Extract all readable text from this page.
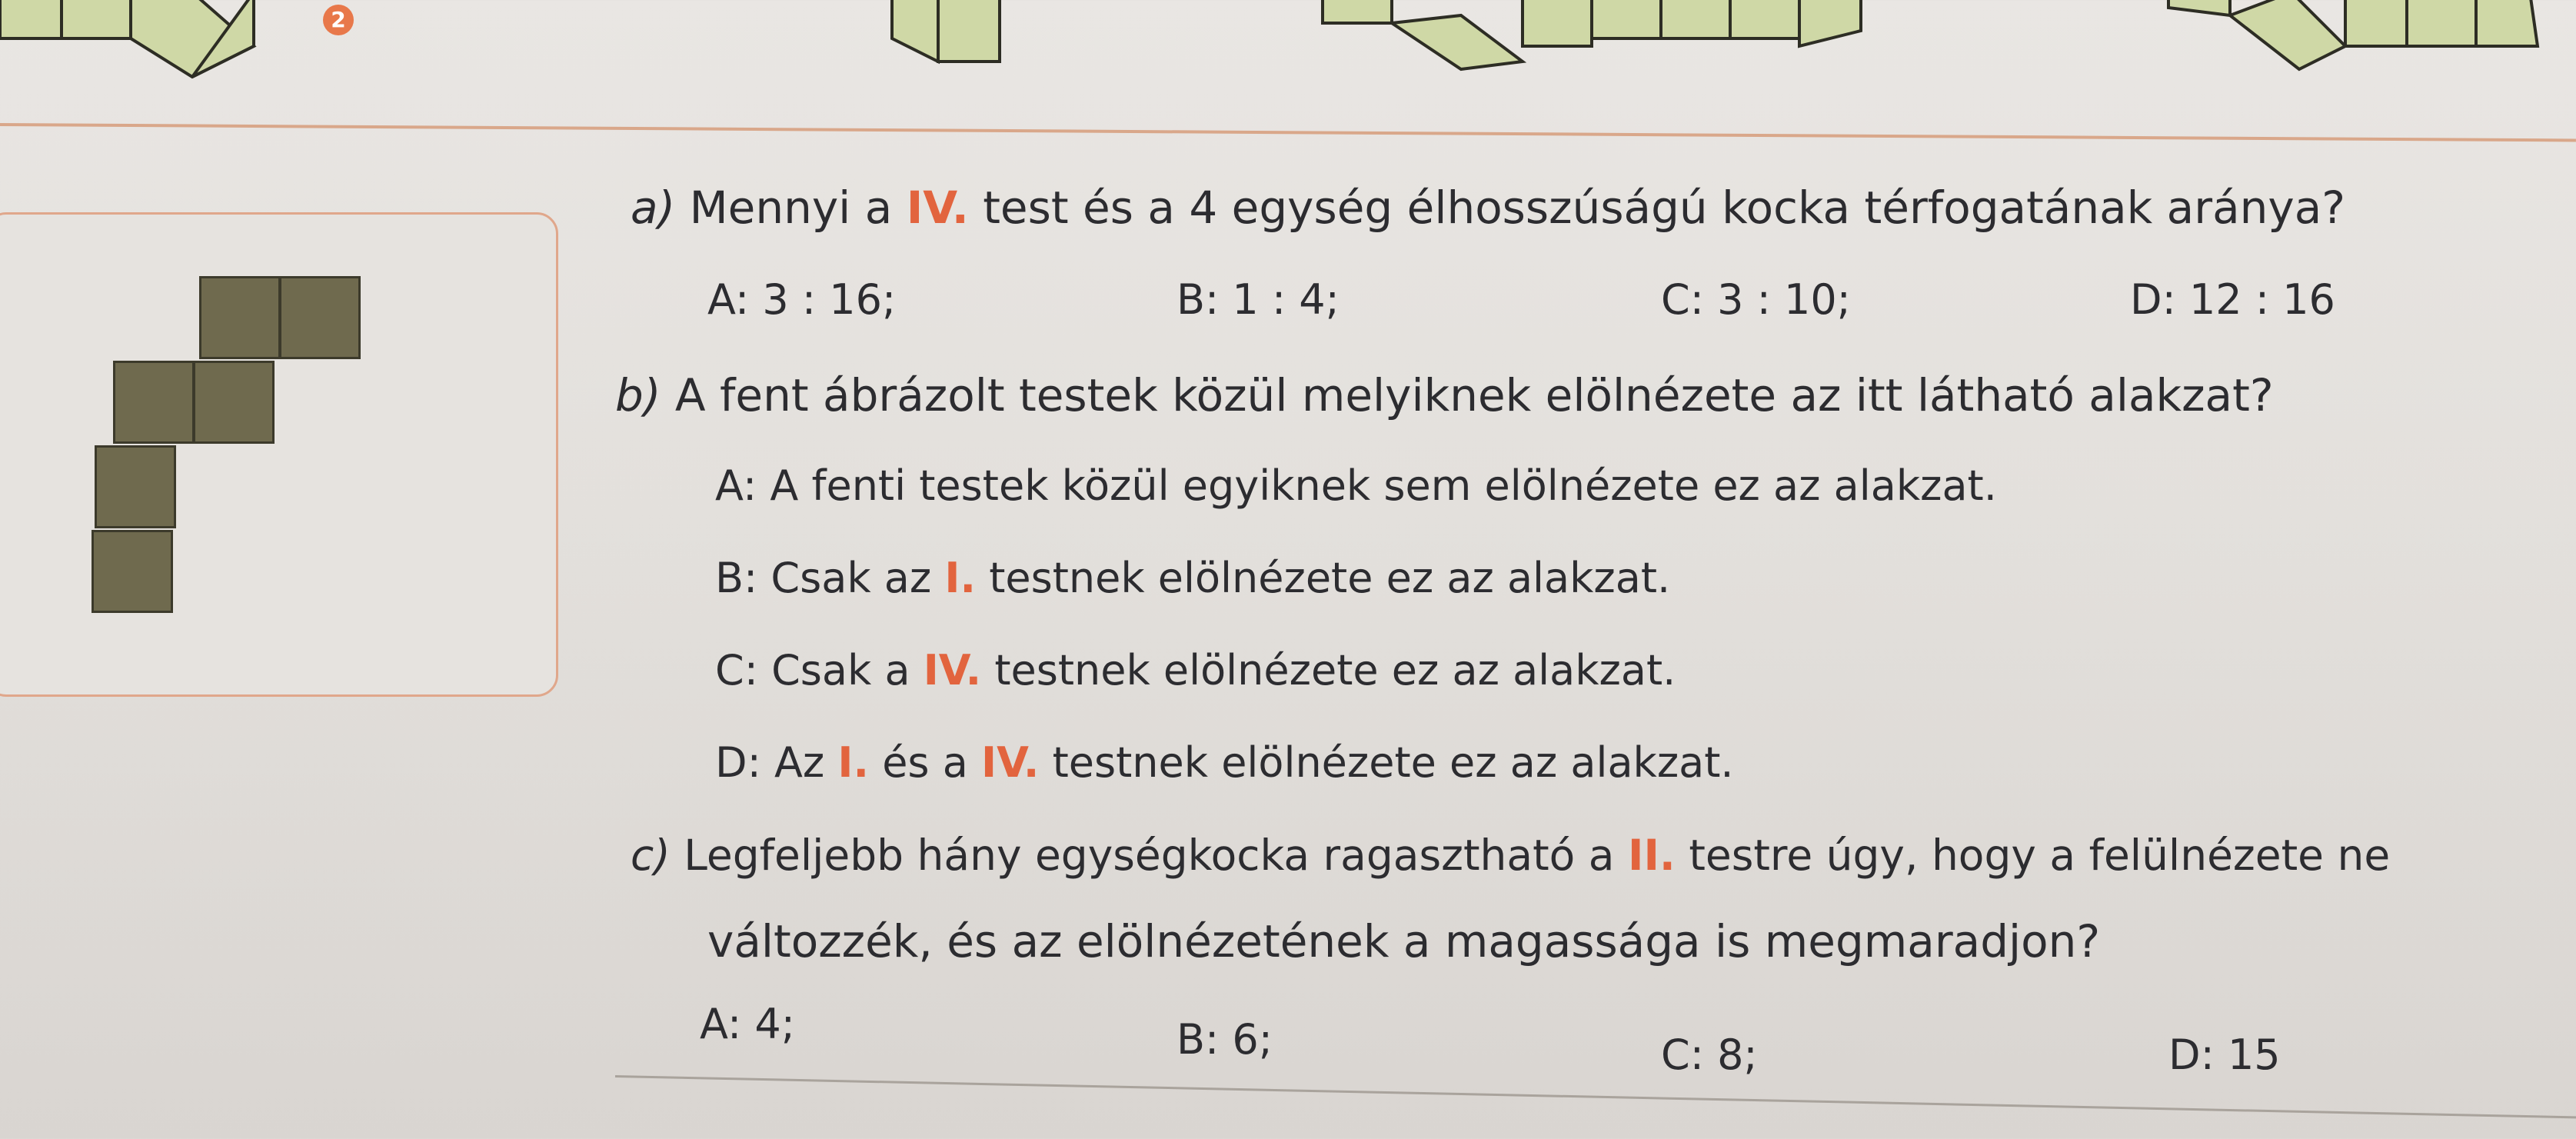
2
a) Mennyi a IV. test és a 4 egység élhosszúságú kocka térfogatának aránya?
A: 3 : 16;	B: 1 : 4;	C: 3 : 10;	D: 12 : 16
b) A fent ábrázolt testek közül melyiknek elölnézete az itt látható alakzat?
A: A fenti testek közül egyiknek sem elölnézete ez az alakzat.
B: Csak az I. testnek elölnézete ez az alakzat.
C: Csak a IV. testnek elölnézete ez az alakzat.
D: Az I. és a IV. testnek elölnézete ez az alakzat.
c) Legfeljebb hány egységkocka ragasztható a II. testre úgy, hogy a felülnézete ne
változzék, és az elölnézetének a magassága is megmaradjon?
A: 4;	B: 6;	C: 8;	D: 15
